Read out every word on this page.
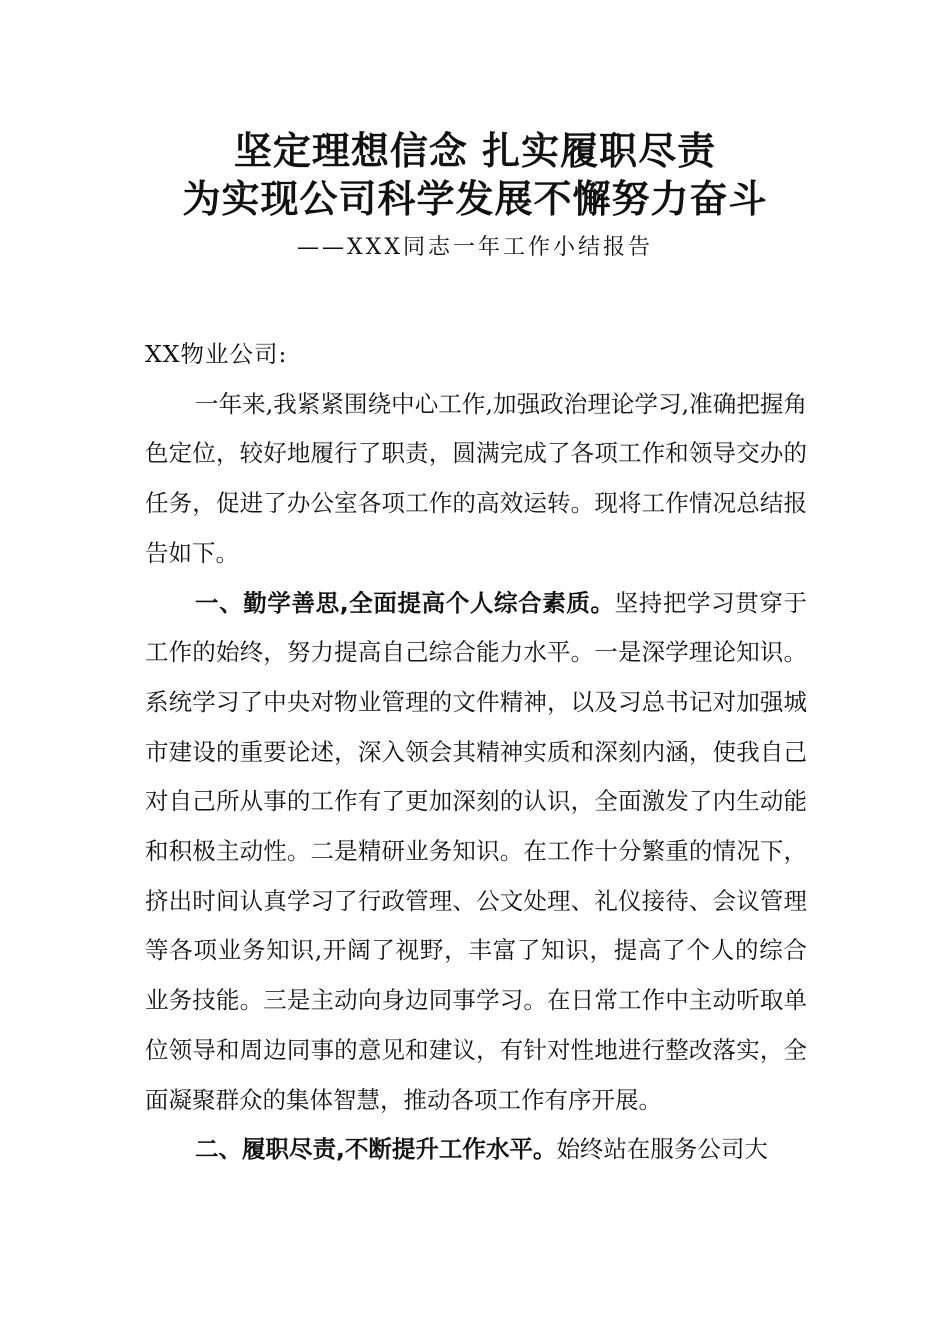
坚定理想信念 扎实履职尽责
为实现公司科学发展不懈努力奋斗

——XXX同志一年工作小结报告

XX物业公司:

一年来,我紧紧围绕中心工作,加强政治理论学习,准确把握角色定位，较好地履行了职责，圆满完成了各项工作和领导交办的任务，促进了办公室各项工作的高效运转。现将工作情况总结报告如下。

一、勤学善思,全面提高个人综合素质。坚持把学习贯穿于工作的始终，努力提高自己综合能力水平。一是深学理论知识。系统学习了中央对物业管理的文件精神，以及习总书记对加强城市建设的重要论述，深入领会其精神实质和深刻内涵，使我自己对自己所从事的工作有了更加深刻的认识，全面激发了内生动能和积极主动性。二是精研业务知识。在工作十分繁重的情况下，挤出时间认真学习了行政管理、公文处理、礼仪接待、会议管理等各项业务知识,开阔了视野，丰富了知识，提高了个人的综合业务技能。三是主动向身边同事学习。在日常工作中主动听取单位领导和周边同事的意见和建议，有针对性地进行整改落实，全面凝聚群众的集体智慧，推动各项工作有序开展。

二、履职尽责,不断提升工作水平。始终站在服务公司大
